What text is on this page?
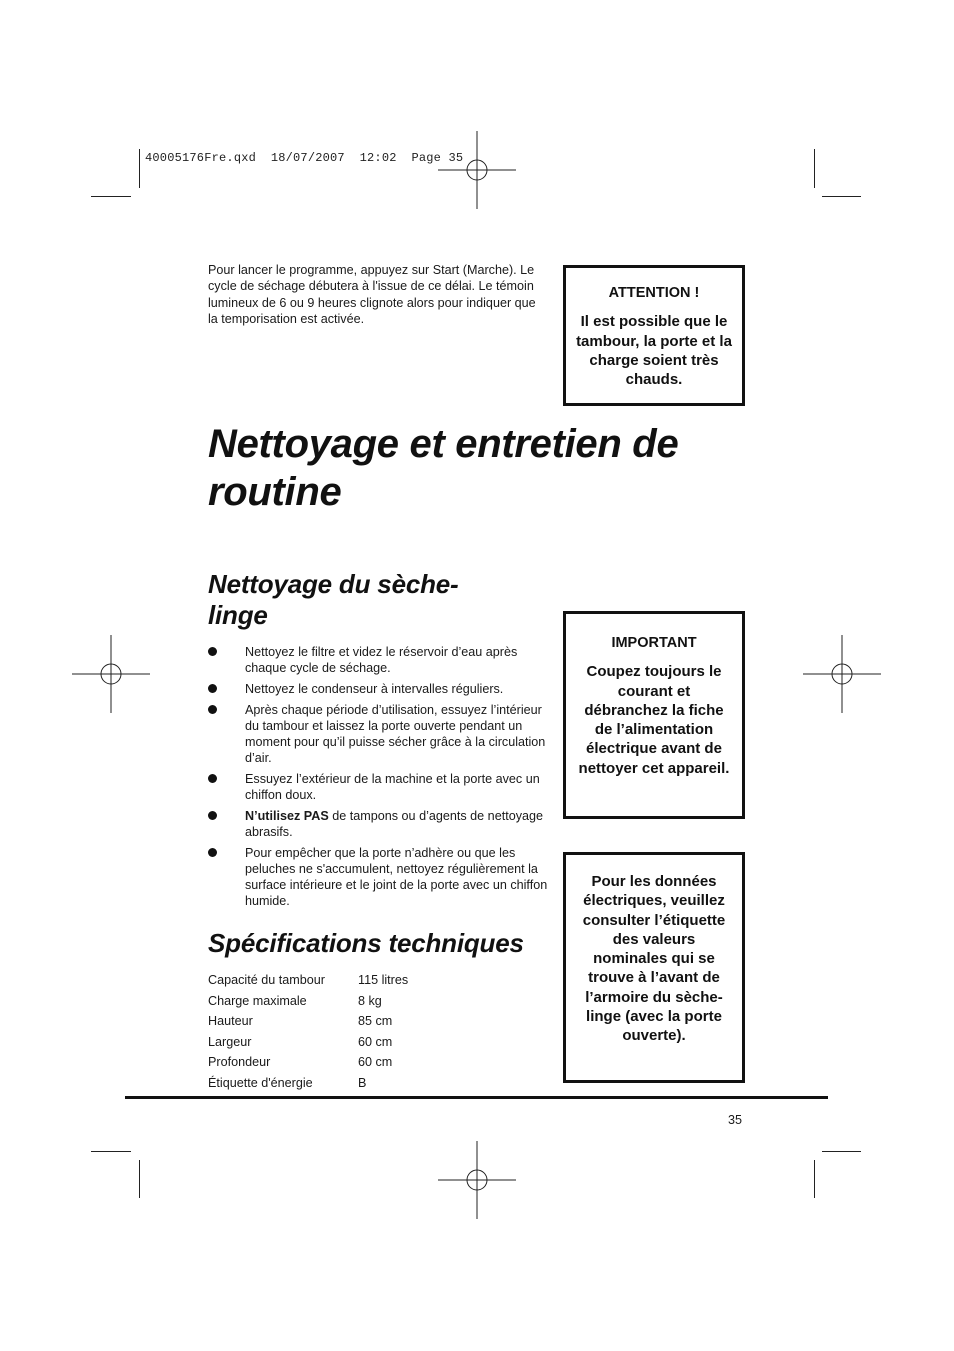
40005176Fre.qxd  18/07/2007  12:02  Page 35
Pour lancer le programme, appuyez sur Start (Marche). Le cycle de séchage débutera à l'issue de ce délai. Le témoin lumineux de 6 ou 9 heures clignote alors pour indiquer que la temporisation est activée.
ATTENTION !
Il est possible que le tambour, la porte et la charge soient très chauds.
Nettoyage et entretien de routine
Nettoyage du sèche-linge
Nettoyez le filtre et videz le réservoir d’eau après chaque cycle de séchage.
Nettoyez le condenseur à intervalles réguliers.
Après chaque période d’utilisation, essuyez l’intérieur du tambour et laissez la porte ouverte pendant un moment pour qu’il puisse sécher grâce à la circulation d’air.
Essuyez l’extérieur de la machine et la porte avec un chiffon doux.
N’utilisez PAS de tampons ou d’agents de nettoyage abrasifs.
Pour empêcher que la porte n’adhère ou que les peluches ne s'accumulent, nettoyez régulièrement la surface intérieure et le joint de la porte avec un chiffon humide.
IMPORTANT
Coupez toujours le courant et débranchez la fiche de l’alimentation électrique avant de nettoyer cet appareil.
Spécifications techniques
Capacité du tambour	115 litres
Charge maximale	8 kg
Hauteur	85 cm
Largeur	60 cm
Profondeur	60 cm
Étiquette d'énergie	B
Pour les données électriques, veuillez consulter l’étiquette des valeurs nominales qui se trouve à l’avant de l’armoire du sèche-linge (avec la porte ouverte).
35
